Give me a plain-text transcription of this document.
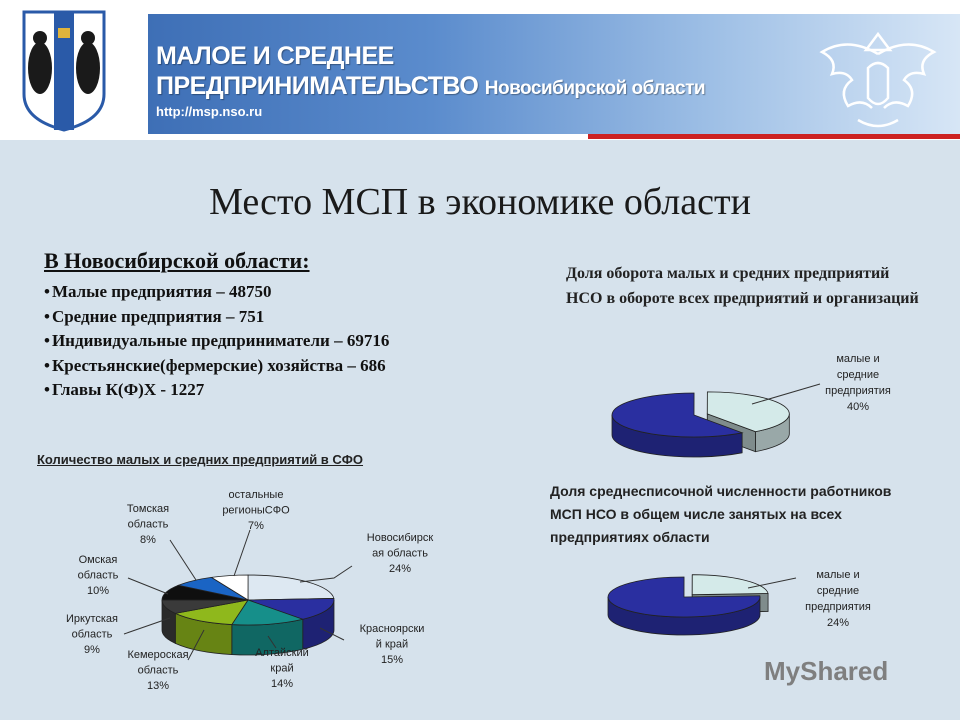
МАЛОЕ И СРЕДНЕЕ
ПРЕДПРИНИМАТЕЛЬСТВО Новосибирской области
http://msp.nso.ru
Место МСП в экономике области
В Новосибирской области:
• Малые предприятия – 48750
• Средние предприятия – 751
• Индивидуальные предприниматели – 69716
• Крестьянские(фермерские) хозяйства – 686
• Главы К(Ф)Х - 1227
Доля оборота малых и средних предприятий НСО в обороте всех предприятий и организаций
Доля среднесписочной численности работников МСП НСО в общем числе занятых на всех предприятиях области
Количество малых и средних предприятий в СФО
Новосибирск ая область 24%
Красноярски й край 15%
Алтайский край 14%
Кемероская область 13%
Иркутская область 9%
Омская область 10%
Томская область 8%
остальные регионыСФО 7%
малые и средние предприятия 40%
малые и средние предприятия 24%
MyShared
